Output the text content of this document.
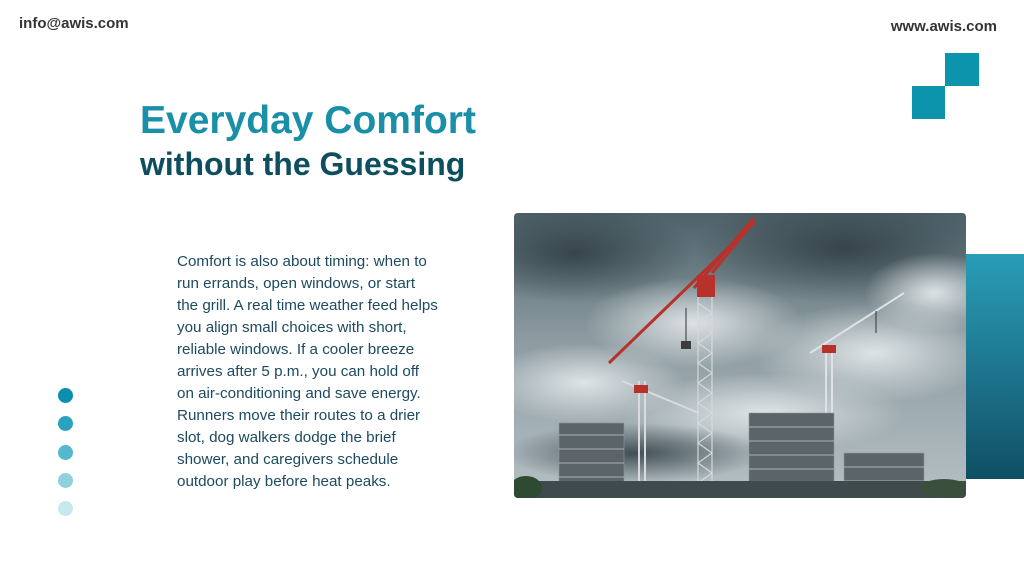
info@awis.com	www.awis.com
Everyday Comfort
without the Guessing
Comfort is also about timing: when to run errands, open windows, or start the grill. A real time weather feed helps you align small choices with short, reliable windows. If a cooler breeze arrives after 5 p.m., you can hold off on air-conditioning and save energy. Runners move their routes to a drier slot, dog walkers dodge the brief shower, and caregivers schedule outdoor play before heat peaks.
